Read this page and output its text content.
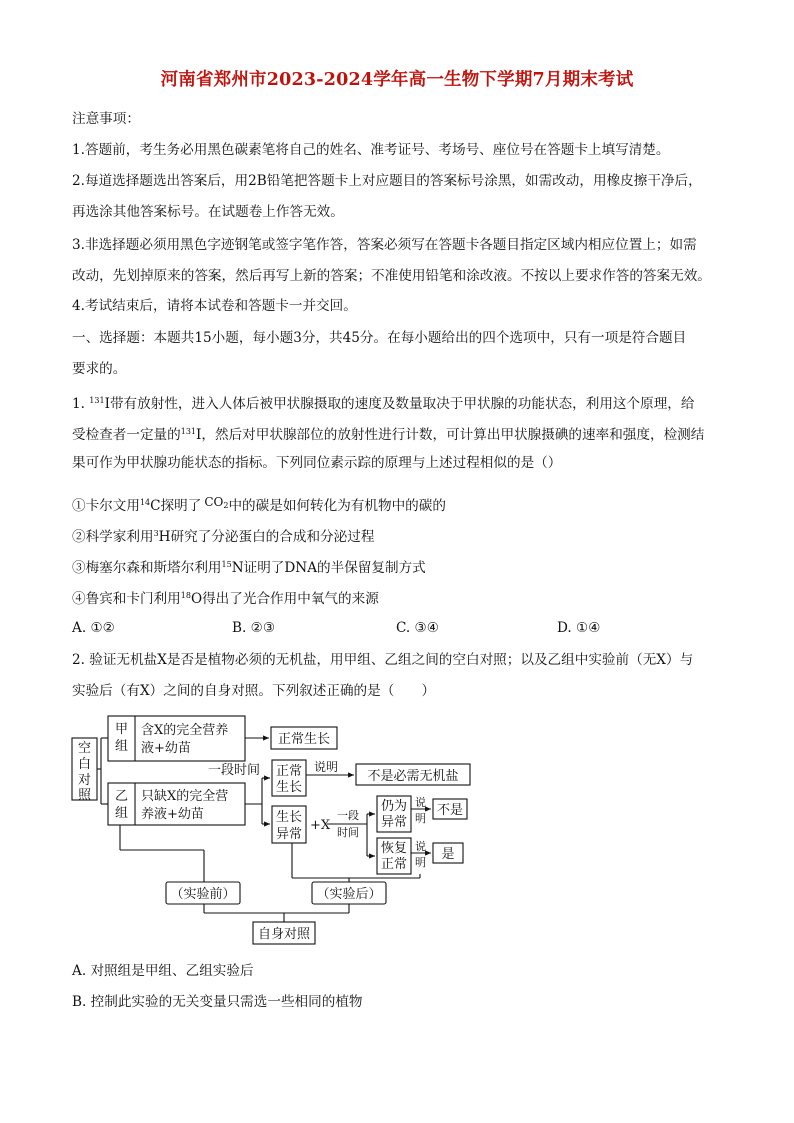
河南省郑州市2023-2024学年高一生物下学期7月期末考试
注意事项：
1.答题前，考生务必用黑色碳素笔将自己的姓名、准考证号、考场号、座位号在答题卡上填写清楚。
2.每道选择题选出答案后，用2B铅笔把答题卡上对应题目的答案标号涂黑，如需改动，用橡皮擦干净后，
再选涂其他答案标号。在试题卷上作答无效。
3.非选择题必须用黑色字迹钢笔或签字笔作答，答案必须写在答题卡各题目指定区域内相应位置上；如需
改动，先划掉原来的答案，然后再写上新的答案；不准使用铅笔和涂改液。不按以上要求作答的答案无效。
4.考试结束后，请将本试卷和答题卡一并交回。
一、选择题：本题共15小题，每小题3分，共45分。在每小题给出的四个选项中，只有一项是符合题目
要求的。
1. $^{131}$I带有放射性，进入人体后被甲状腺摄取的速度及数量取决于甲状腺的功能状态，利用这个原理，给
受检查者一定量的$^{131}$I，然后对甲状腺部位的放射性进行计数，可计算出甲状腺摄碘的速率和强度，检测结
果可作为甲状腺功能状态的指标。下列同位素示踪的原理与上述过程相似的是（）
①卡尔文用$^{14}$C探明了 $CO_2$中的碳是如何转化为有机物中的碳的
②科学家利用$^3$H研究了分泌蛋白的合成和分泌过程
③梅塞尔森和斯塔尔利用$^{15}$N证明了DNA的半保留复制方式
④鲁宾和卡门利用$^{18}$O得出了光合作用中氧气的来源
A. ①②	B. ②③	C. ③④	D. ①④
2. 验证无机盐X是否是植物必须的无机盐，用甲组、乙组之间的空白对照；以及乙组中实验前（无X）与
实验后（有X）之间的自身对照。下列叙述正确的是（　　）
空
白
对
照
甲
组
含X的完全营养
液+幼苗
乙
组
只缺X的完全营
养液+幼苗
正常生长
一段时间 正常
生长
说明
不是必需无机盐
生长
异常
+X
一段
时间
仍为
异常
说
明
不是
恢复
正常
说
明
是
（实验前）	（实验后）
自身对照
A. 对照组是甲组、乙组实验后
B. 控制此实验的无关变量只需选一些相同的植物
